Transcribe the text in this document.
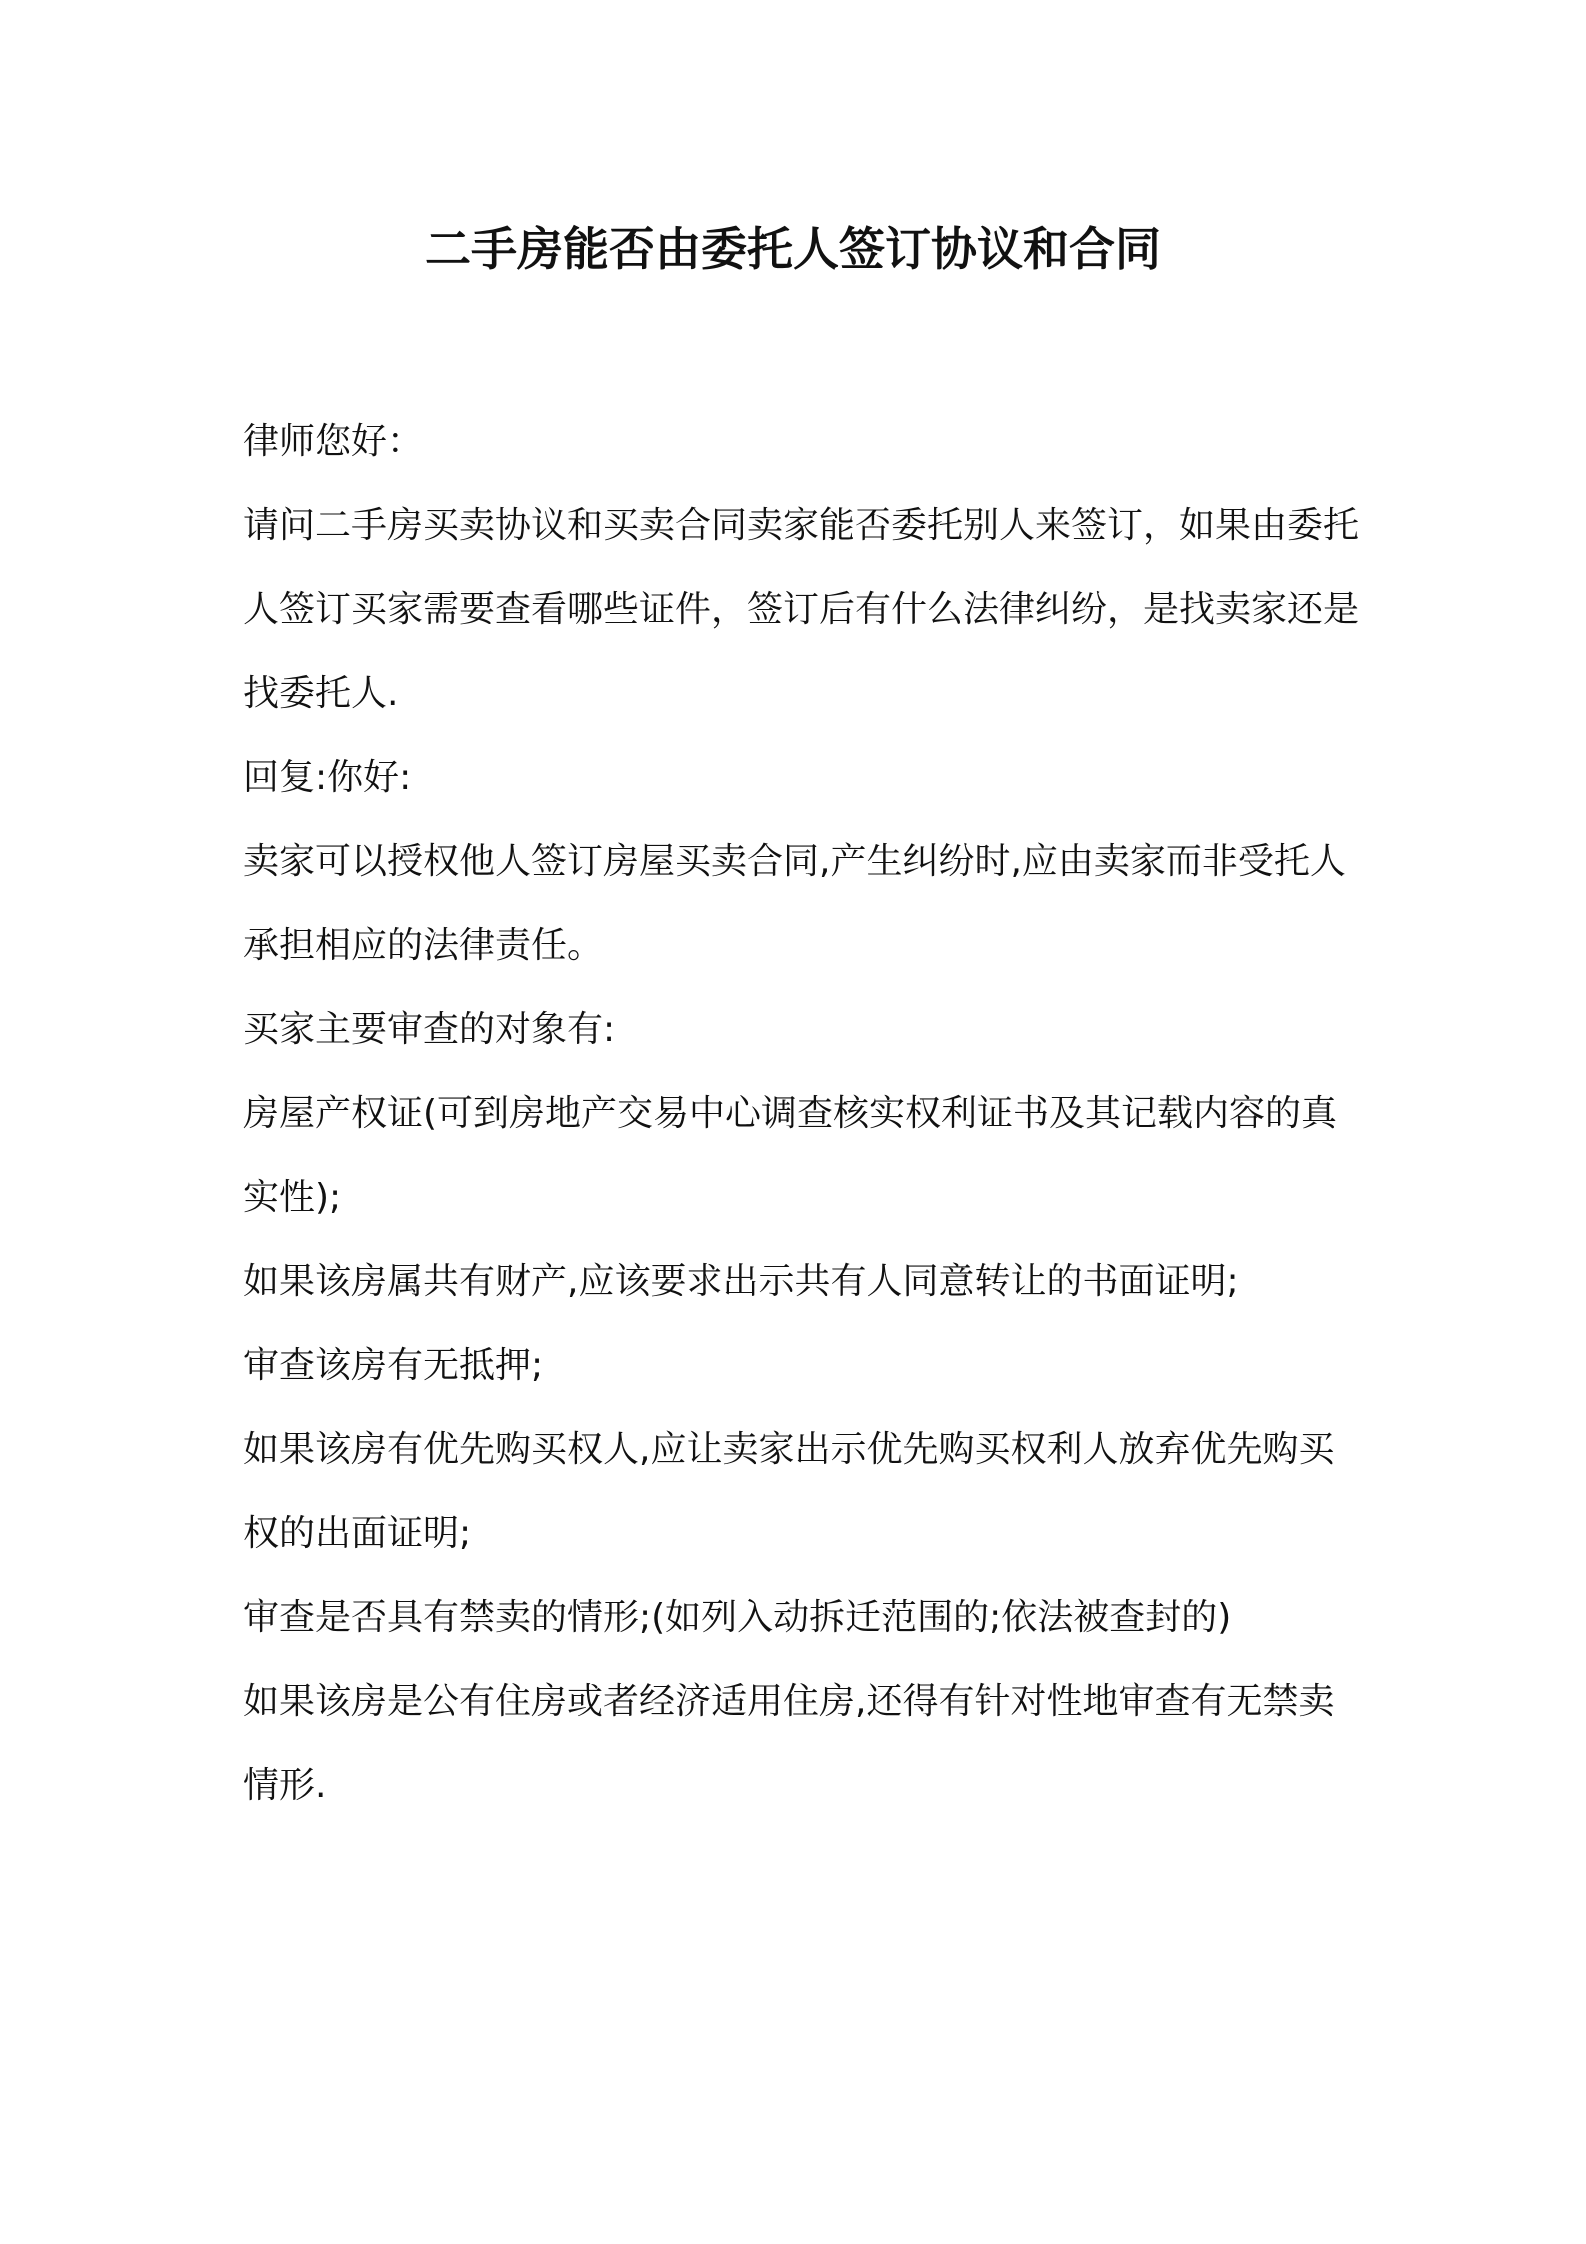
二手房能否由委托人签订协议和合同

律师您好：

请问二手房买卖协议和买卖合同卖家能否委托别人来签订，如果由委托人签订买家需要查看哪些证件，签订后有什么法律纠纷，是找卖家还是找委托人.

回复:你好:

卖家可以授权他人签订房屋买卖合同,产生纠纷时,应由卖家而非受托人承担相应的法律责任。

买家主要审查的对象有:

房屋产权证(可到房地产交易中心调查核实权利证书及其记载内容的真实性);

如果该房属共有财产,应该要求出示共有人同意转让的书面证明;

审查该房有无抵押;

如果该房有优先购买权人,应让卖家出示优先购买权利人放弃优先购买权的出面证明;

审查是否具有禁卖的情形;(如列入动拆迁范围的;依法被查封的)

如果该房是公有住房或者经济适用住房,还得有针对性地审查有无禁卖情形.
